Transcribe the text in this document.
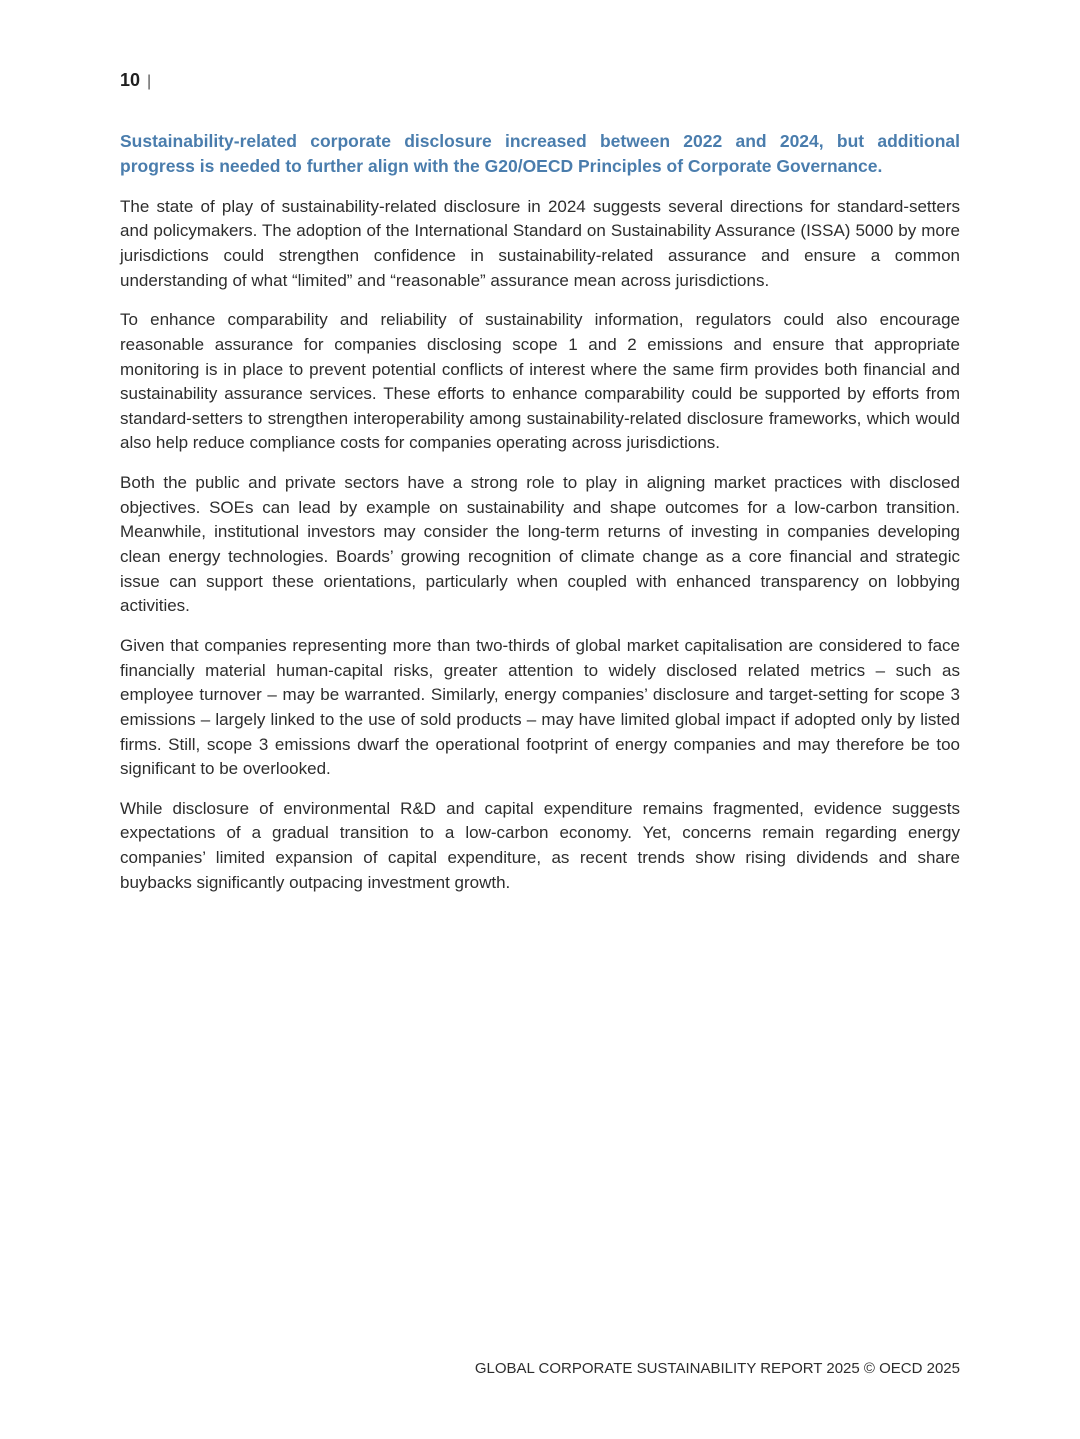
10 |
Sustainability-related corporate disclosure increased between 2022 and 2024, but additional progress is needed to further align with the G20/OECD Principles of Corporate Governance.

The state of play of sustainability-related disclosure in 2024 suggests several directions for standard-setters and policymakers. The adoption of the International Standard on Sustainability Assurance (ISSA) 5000 by more jurisdictions could strengthen confidence in sustainability-related assurance and ensure a common understanding of what “limited” and “reasonable” assurance mean across jurisdictions.

To enhance comparability and reliability of sustainability information, regulators could also encourage reasonable assurance for companies disclosing scope 1 and 2 emissions and ensure that appropriate monitoring is in place to prevent potential conflicts of interest where the same firm provides both financial and sustainability assurance services. These efforts to enhance comparability could be supported by efforts from standard-setters to strengthen interoperability among sustainability-related disclosure frameworks, which would also help reduce compliance costs for companies operating across jurisdictions.

Both the public and private sectors have a strong role to play in aligning market practices with disclosed objectives. SOEs can lead by example on sustainability and shape outcomes for a low-carbon transition. Meanwhile, institutional investors may consider the long-term returns of investing in companies developing clean energy technologies. Boards’ growing recognition of climate change as a core financial and strategic issue can support these orientations, particularly when coupled with enhanced transparency on lobbying activities.

Given that companies representing more than two-thirds of global market capitalisation are considered to face financially material human-capital risks, greater attention to widely disclosed related metrics – such as employee turnover – may be warranted. Similarly, energy companies’ disclosure and target-setting for scope 3 emissions – largely linked to the use of sold products – may have limited global impact if adopted only by listed firms. Still, scope 3 emissions dwarf the operational footprint of energy companies and may therefore be too significant to be overlooked.

While disclosure of environmental R&D and capital expenditure remains fragmented, evidence suggests expectations of a gradual transition to a low-carbon economy. Yet, concerns remain regarding energy companies’ limited expansion of capital expenditure, as recent trends show rising dividends and share buybacks significantly outpacing investment growth.

GLOBAL CORPORATE SUSTAINABILITY REPORT 2025 © OECD 2025
